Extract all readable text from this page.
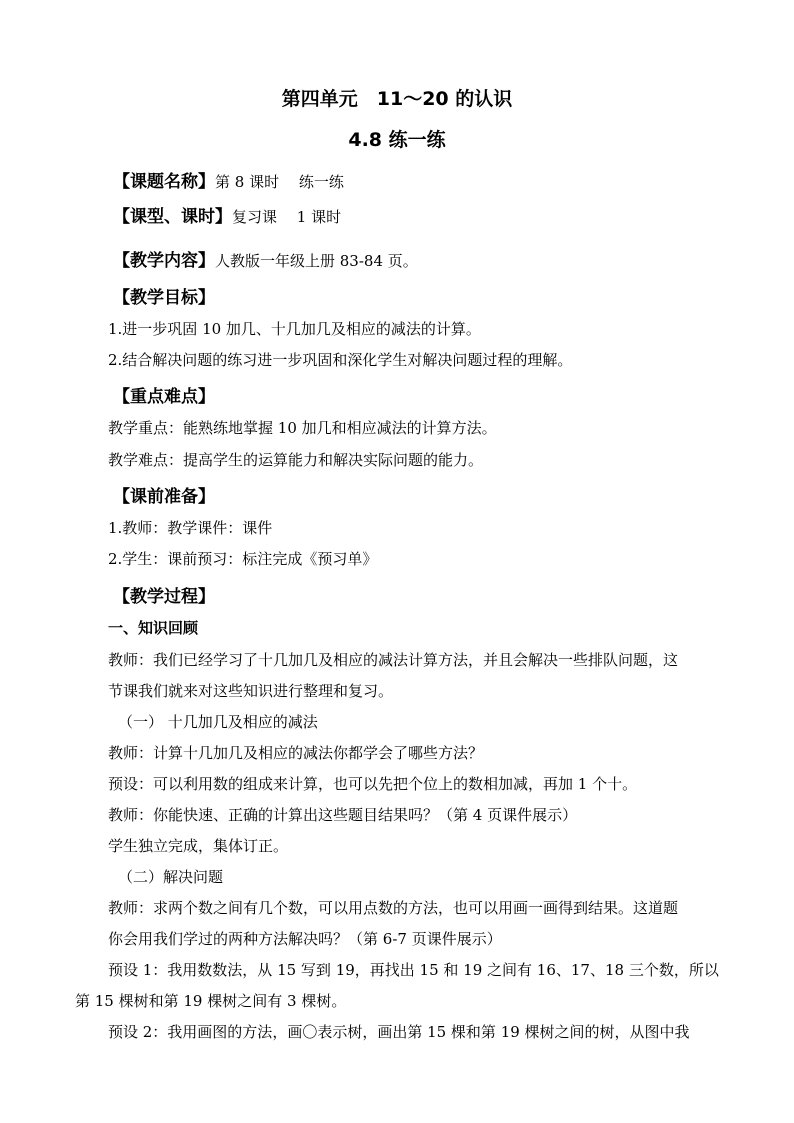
第四单元　11～20 的认识
4.8 练一练
【课题名称】第 8 课时　 练一练
【课型、课时】复习课　 1 课时
【教学内容】人教版一年级上册 83-84 页。
【教学目标】
1.进一步巩固 10 加几、十几加几及相应的减法的计算。
2.结合解决问题的练习进一步巩固和深化学生对解决问题过程的理解。
【重点难点】
教学重点：能熟练地掌握 10 加几和相应减法的计算方法。
教学难点：提高学生的运算能力和解决实际问题的能力。
【课前准备】
1.教师：教学课件：课件
2.学生：课前预习：标注完成《预习单》
【教学过程】
一、知识回顾
教师：我们已经学习了十几加几及相应的减法计算方法，并且会解决一些排队问题，这
节课我们就来对这些知识进行整理和复习。
（一） 十几加几及相应的减法
教师：计算十几加几及相应的减法你都学会了哪些方法？
预设：可以利用数的组成来计算，也可以先把个位上的数相加减，再加 1 个十。
教师：你能快速、正确的计算出这些题目结果吗？（第 4 页课件展示）
学生独立完成，集体订正。
（二）解决问题
教师：求两个数之间有几个数，可以用点数的方法，也可以用画一画得到结果。这道题
你会用我们学过的两种方法解决吗？（第 6-7 页课件展示）
预设 1：我用数数法，从 15 写到 19，再找出 15 和 19 之间有 16、17、18 三个数，所以
第 15 棵树和第 19 棵树之间有 3 棵树。
预设 2：我用画图的方法，画〇表示树，画出第 15 棵和第 19 棵树之间的树，从图中我
